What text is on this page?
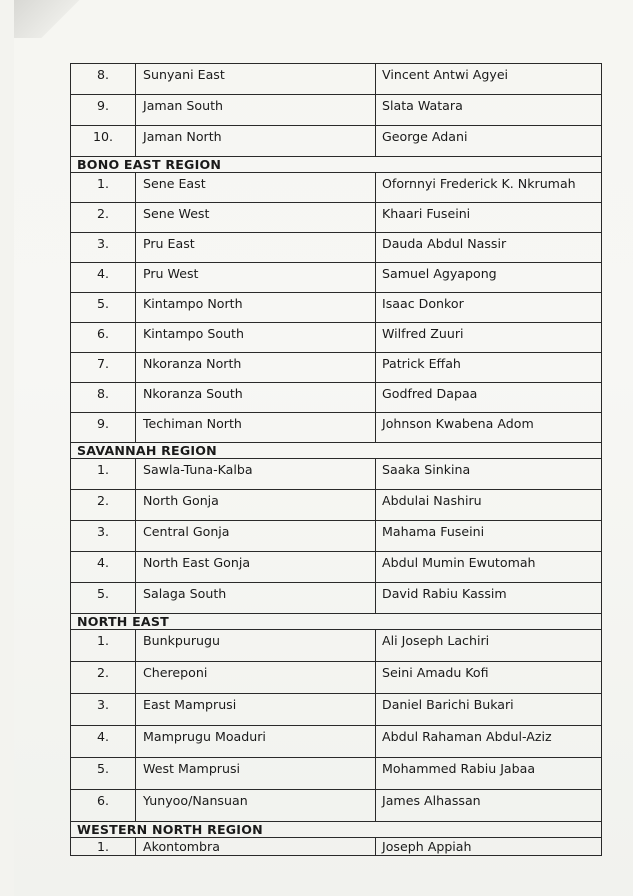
8.	Sunyani East	Vincent Antwi Agyei
9.	Jaman South	Slata Watara
10.	Jaman North	George Adani
BONO EAST REGION
1.	Sene East	Ofornnyi Frederick K. Nkrumah
2.	Sene West	Khaari Fuseini
3.	Pru East	Dauda Abdul Nassir
4.	Pru West	Samuel Agyapong
5.	Kintampo North	Isaac Donkor
6.	Kintampo South	Wilfred Zuuri
7.	Nkoranza North	Patrick Effah
8.	Nkoranza South	Godfred Dapaa
9.	Techiman North	Johnson Kwabena Adom
SAVANNAH REGION
1.	Sawla-Tuna-Kalba	Saaka Sinkina
2.	North Gonja	Abdulai Nashiru
3.	Central Gonja	Mahama Fuseini
4.	North East Gonja	Abdul Mumin Ewutomah
5.	Salaga South	David Rabiu Kassim
NORTH EAST
1.	Bunkpurugu	Ali Joseph Lachiri
2.	Chereponi	Seini Amadu Kofi
3.	East Mamprusi	Daniel Barichi Bukari
4.	Mamprugu Moaduri	Abdul Rahaman Abdul-Aziz
5.	West Mamprusi	Mohammed Rabiu Jabaa
6.	Yunyoo/Nansuan	James Alhassan
WESTERN NORTH REGION
1.	Akontombra	Joseph Appiah
